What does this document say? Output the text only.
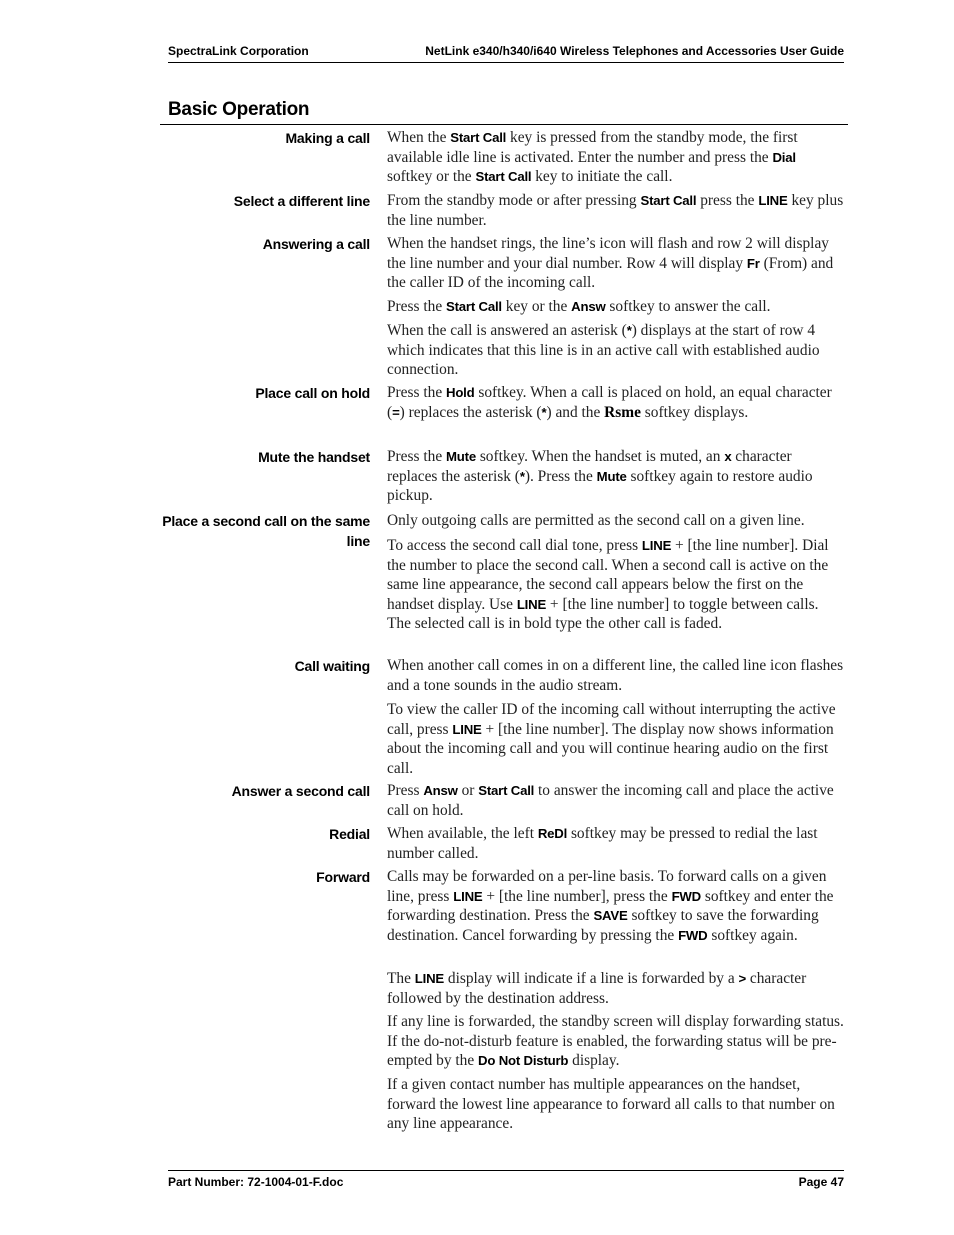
SpectraLink Corporation	NetLink e340/h340/i640 Wireless Telephones and Accessories User Guide
Basic Operation
Making a call When the Start Call key is pressed from the standby mode, the first available idle line is activated. Enter the number and press the Dial softkey or the Start Call key to initiate the call.
Select a different line From the standby mode or after pressing Start Call press the LINE key plus the line number.
Answering a call When the handset rings, the line’s icon will flash and row 2 will display the line number and your dial number. Row 4 will display Fr (From) and the caller ID of the incoming call.
Press the Start Call key or the Answ softkey to answer the call.
When the call is answered an asterisk (*) displays at the start of row 4 which indicates that this line is in an active call with established audio connection.
Place call on hold Press the Hold softkey. When a call is placed on hold, an equal character (=) replaces the asterisk (*) and the Rsme softkey displays.
Mute the handset Press the Mute softkey. When the handset is muted, an x character replaces the asterisk (*). Press the Mute softkey again to restore audio pickup.
Place a second call on the same line
Only outgoing calls are permitted as the second call on a given line.
To access the second call dial tone, press LINE + [the line number]. Dial the number to place the second call. When a second call is active on the same line appearance, the second call appears below the first on the handset display. Use LINE + [the line number] to toggle between calls. The selected call is in bold type the other call is faded.
Call waiting When another call comes in on a different line, the called line icon flashes and a tone sounds in the audio stream.
To view the caller ID of the incoming call without interrupting the active call, press LINE + [the line number]. The display now shows information about the incoming call and you will continue hearing audio on the first call.
Answer a second call Press Answ or Start Call to answer the incoming call and place the active call on hold.
Redial When available, the left ReDl softkey may be pressed to redial the last number called.
Forward Calls may be forwarded on a per-line basis. To forward calls on a given line, press LINE + [the line number], press the FWD softkey and enter the forwarding destination. Press the SAVE softkey to save the forwarding destination. Cancel forwarding by pressing the FWD softkey again.
The LINE display will indicate if a line is forwarded by a > character followed by the destination address.
If any line is forwarded, the standby screen will display forwarding status. If the do-not-disturb feature is enabled, the forwarding status will be pre-empted by the Do Not Disturb display.
If a given contact number has multiple appearances on the handset, forward the lowest line appearance to forward all calls to that number on any line appearance.
Part Number: 72-1004-01-F.doc	Page 47
